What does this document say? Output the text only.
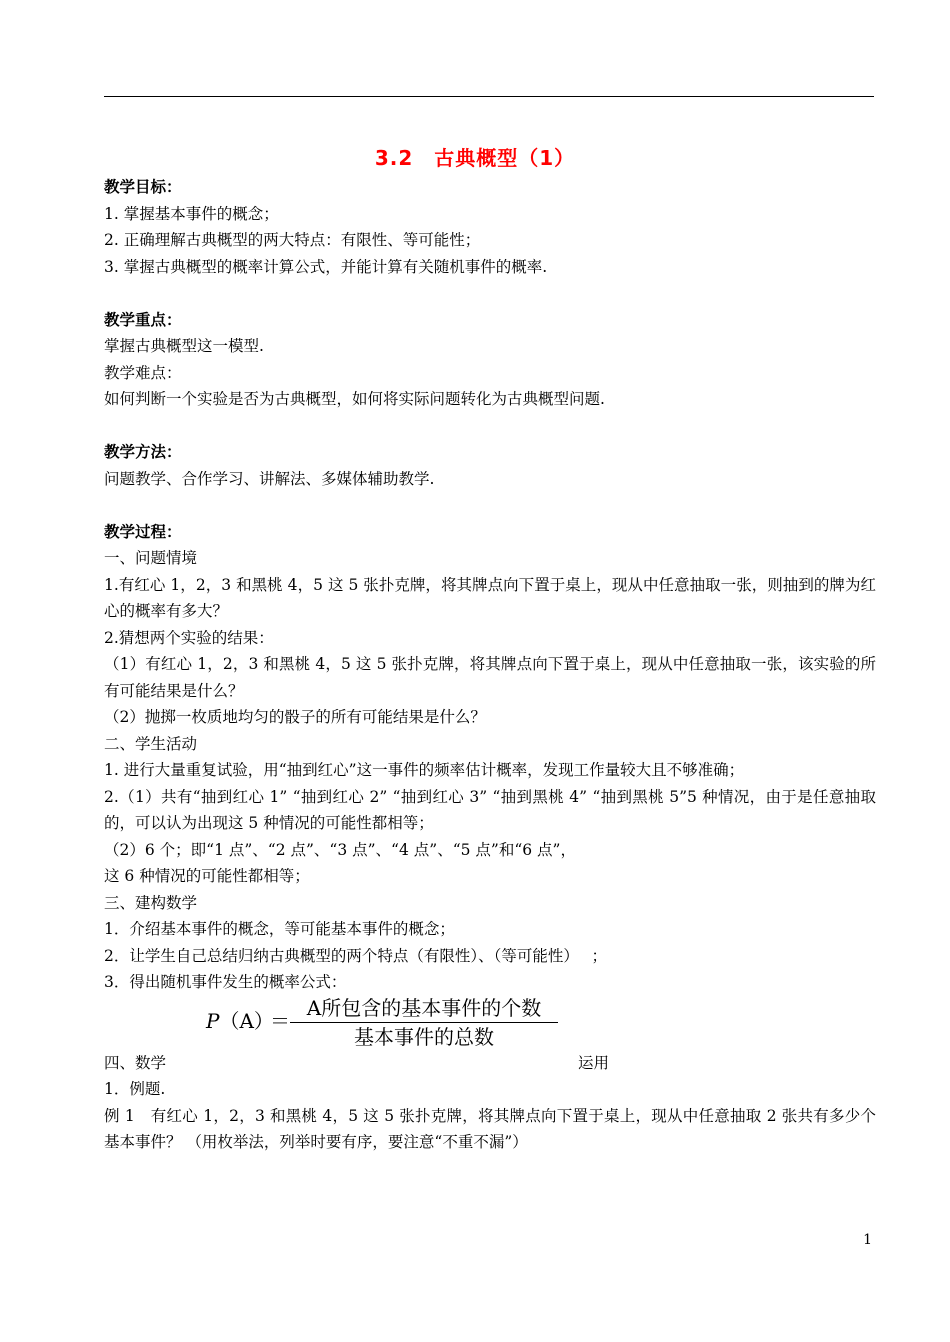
3.2　古典概型（1）
教学目标：
1. 掌握基本事件的概念；
2. 正确理解古典概型的两大特点：有限性、等可能性；
3. 掌握古典概型的概率计算公式，并能计算有关随机事件的概率.
教学重点：
掌握古典概型这一模型.
教学难点：
如何判断一个实验是否为古典概型，如何将实际问题转化为古典概型问题.
教学方法：
问题教学、合作学习、讲解法、多媒体辅助教学.
教学过程：
一、问题情境
1.有红心 1，2，3 和黑桃 4，5 这 5 张扑克牌，将其牌点向下置于桌上，现从中任意抽取一张，则抽到的牌为红心的概率有多大？
2.猜想两个实验的结果：
（1）有红心 1，2，3 和黑桃 4，5 这 5 张扑克牌，将其牌点向下置于桌上，现从中任意抽取一张，该实验的所有可能结果是什么？
（2）抛掷一枚质地均匀的骰子的所有可能结果是什么？
二、学生活动
1. 进行大量重复试验，用“抽到红心”这一事件的频率估计概率，发现工作量较大且不够准确；
2.（1）共有“抽到红心 1” “抽到红心 2” “抽到红心 3” “抽到黑桃 4” “抽到黑桃 5”5 种情况，由于是任意抽取的，可以认为出现这 5 种情况的可能性都相等；
（2）6 个；即“1 点”、“2 点”、“3 点”、“4 点”、“5 点”和“6 点”，
这 6 种情况的可能性都相等；
三、建构数学
1．介绍基本事件的概念，等可能基本事件的概念；
2．让学生自己总结归纳古典概型的两个特点（有限性）、（等可能性）　 ；
3．得出随机事件发生的概率公式：
P（A）
＝
A所包含的基本事件的个数
基本事件的总数
四、数学	运用
1．例题.
例 1　有红心 1，2，3 和黑桃 4，5 这 5 张扑克牌，将其牌点向下置于桌上，现从中任意抽取 2 张共有多少个基本事件？ （用枚举法，列举时要有序，要注意“不重不漏”）
1
